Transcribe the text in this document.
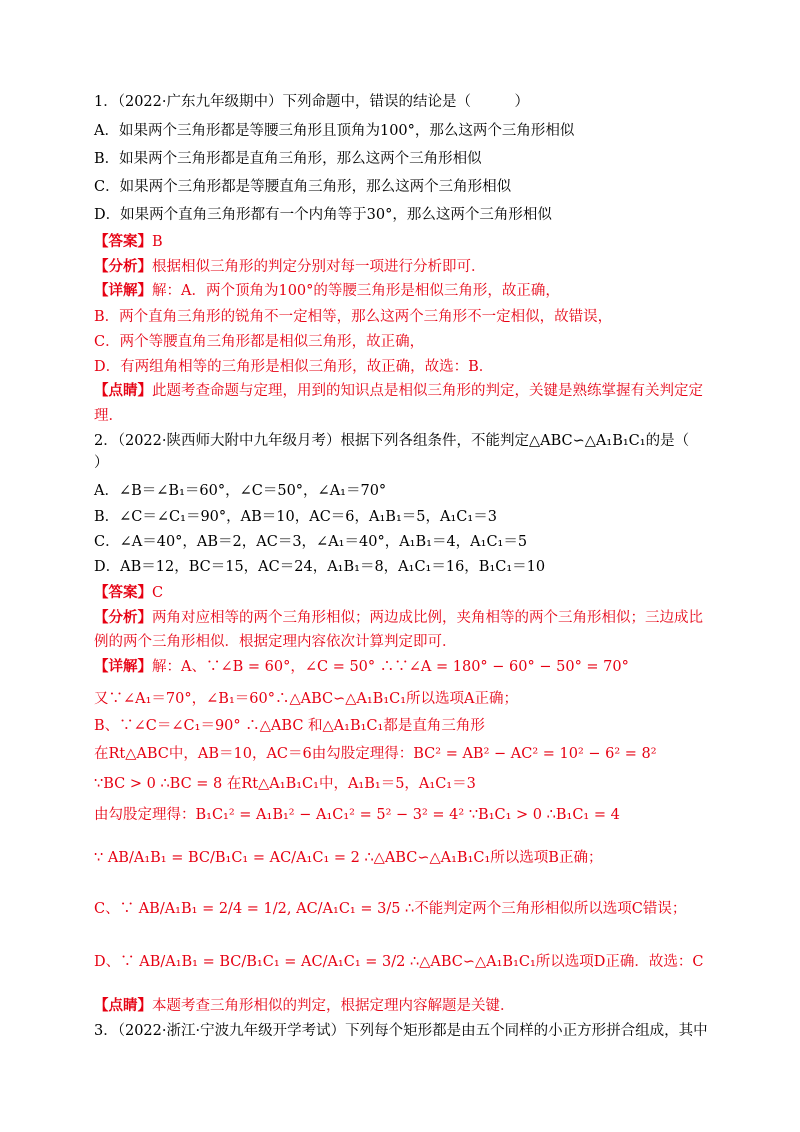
1．（2022·广东九年级期中）下列命题中，错误的结论是（　　　）
A．如果两个三角形都是等腰三角形且顶角为100°，那么这两个三角形相似
B．如果两个三角形都是直角三角形，那么这两个三角形相似
C．如果两个三角形都是等腰直角三角形，那么这两个三角形相似
D．如果两个直角三角形都有一个内角等于30°，那么这两个三角形相似
【答案】B
【分析】根据相似三角形的判定分别对每一项进行分析即可．
【详解】解：A．两个顶角为100°的等腰三角形是相似三角形，故正确，
B．两个直角三角形的锐角不一定相等，那么这两个三角形不一定相似，故错误，
C．两个等腰直角三角形都是相似三角形，故正确，
D．有两组角相等的三角形是相似三角形，故正确，故选：B．
【点睛】此题考查命题与定理，用到的知识点是相似三角形的判定，关键是熟练掌握有关判定定
理．
2．（2022·陕西师大附中九年级月考）根据下列各组条件，不能判定△ABC∽△A₁B₁C₁的是（
）
A．∠B＝∠B₁＝60°，∠C＝50°，∠A₁＝70°
B．∠C＝∠C₁＝90°，AB＝10，AC＝6，A₁B₁＝5，A₁C₁＝3
C．∠A＝40°，AB＝2，AC＝3，∠A₁＝40°，A₁B₁＝4，A₁C₁＝5
D．AB＝12，BC＝15，AC＝24，A₁B₁＝8，A₁C₁＝16，B₁C₁＝10
【答案】C
【分析】两角对应相等的两个三角形相似；两边成比例，夹角相等的两个三角形相似；三边成比
例的两个三角形相似．根据定理内容依次计算判定即可．
【详解】解：A、∵∠B = 60°，∠C = 50° ∴∵∠A = 180° − 60° − 50° = 70°
又∵∠A₁＝70°，∠B₁＝60°∴△ABC∽△A₁B₁C₁所以选项A正确；
B、∵∠C＝∠C₁＝90° ∴△ABC 和△A₁B₁C₁都是直角三角形
在Rt△ABC中，AB＝10，AC＝6由勾股定理得：BC² = AB² − AC² = 10² − 6² = 8²
∵BC > 0 ∴BC = 8 在Rt△A₁B₁C₁中，A₁B₁＝5，A₁C₁＝3
由勾股定理得：B₁C₁² = A₁B₁² − A₁C₁² = 5² − 3² = 4² ∵B₁C₁ > 0 ∴B₁C₁ = 4
∵ AB/A₁B₁ = BC/B₁C₁ = AC/A₁C₁ = 2 ∴△ABC∽△A₁B₁C₁所以选项B正确；
C、∵ AB/A₁B₁ = 2/4 = 1/2, AC/A₁C₁ = 3/5 ∴不能判定两个三角形相似所以选项C错误；
D、∵ AB/A₁B₁ = BC/B₁C₁ = AC/A₁C₁ = 3/2 ∴△ABC∽△A₁B₁C₁所以选项D正确．故选：C
【点睛】本题考查三角形相似的判定，根据定理内容解题是关键．
3．（2022·浙江·宁波九年级开学考试）下列每个矩形都是由五个同样的小正方形拼合组成，其中
